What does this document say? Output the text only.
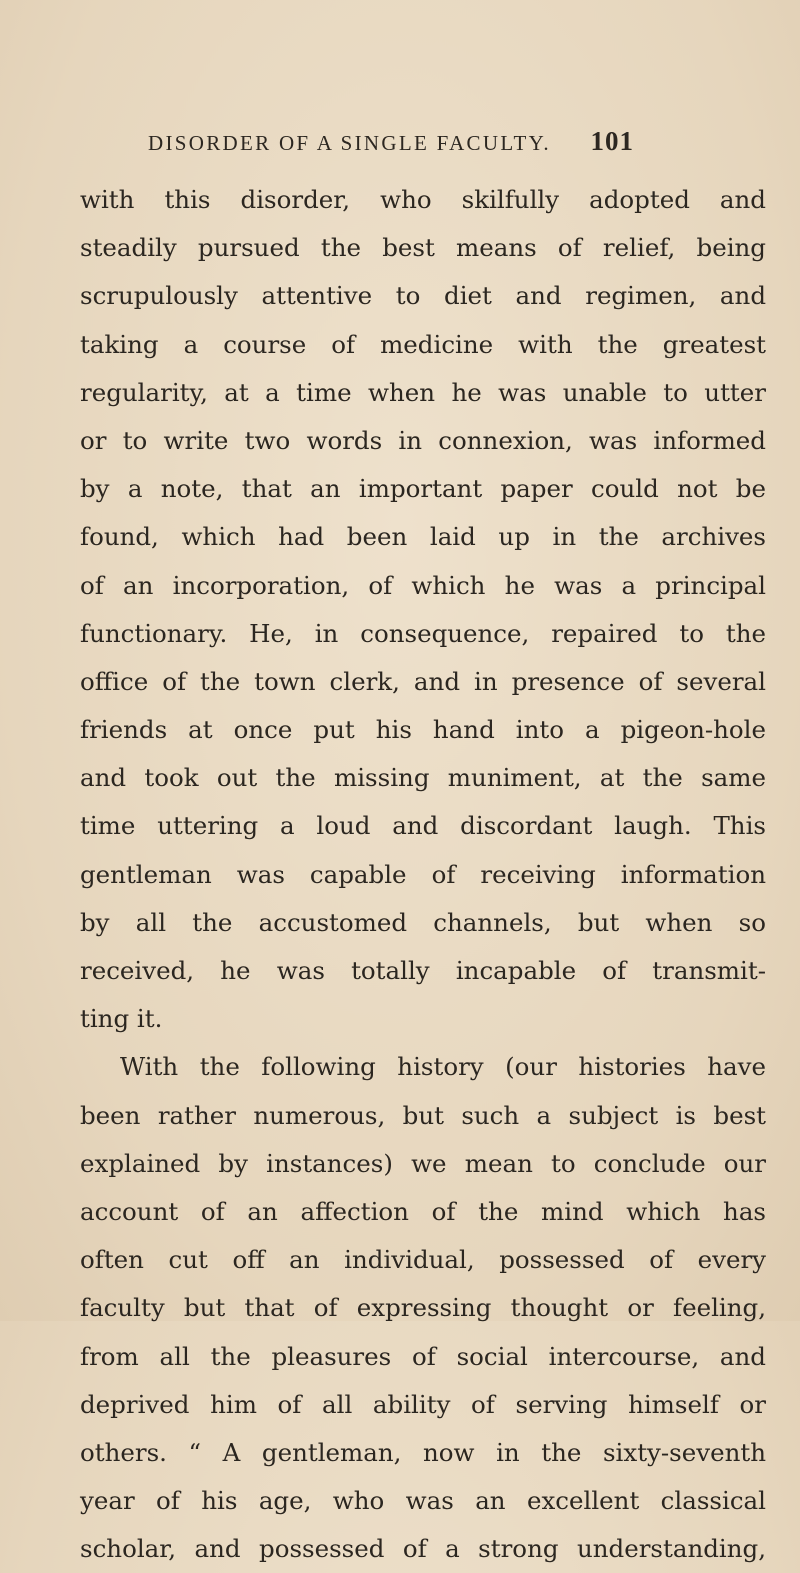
DISORDER OF A SINGLE FACULTY. 101
with this disorder, who skilfully adopted and
steadily pursued the best means of relief, being
scrupulously attentive to diet and regimen, and
taking a course of medicine with the greatest
regularity, at a time when he was unable to utter
or to write two words in connexion, was informed
by a note, that an important paper could not be
found, which had been laid up in the archives
of an incorporation, of which he was a principal
functionary. He, in consequence, repaired to the
office of the town clerk, and in presence of several
friends at once put his hand into a pigeon-hole
and took out the missing muniment, at the same
time uttering a loud and discordant laugh. This
gentleman was capable of receiving information
by all the accustomed channels, but when so
received, he was totally incapable of transmit-
ting it.
With the following history (our histories have
been rather numerous, but such a subject is best
explained by instances) we mean to conclude our
account of an affection of the mind which has
often cut off an individual, possessed of every
faculty but that of expressing thought or feeling,
from all the pleasures of social intercourse, and
deprived him of all ability of serving himself or
others. “ A gentleman, now in the sixty-seventh
year of his age, who was an excellent classical
scholar, and possessed of a strong understanding,
